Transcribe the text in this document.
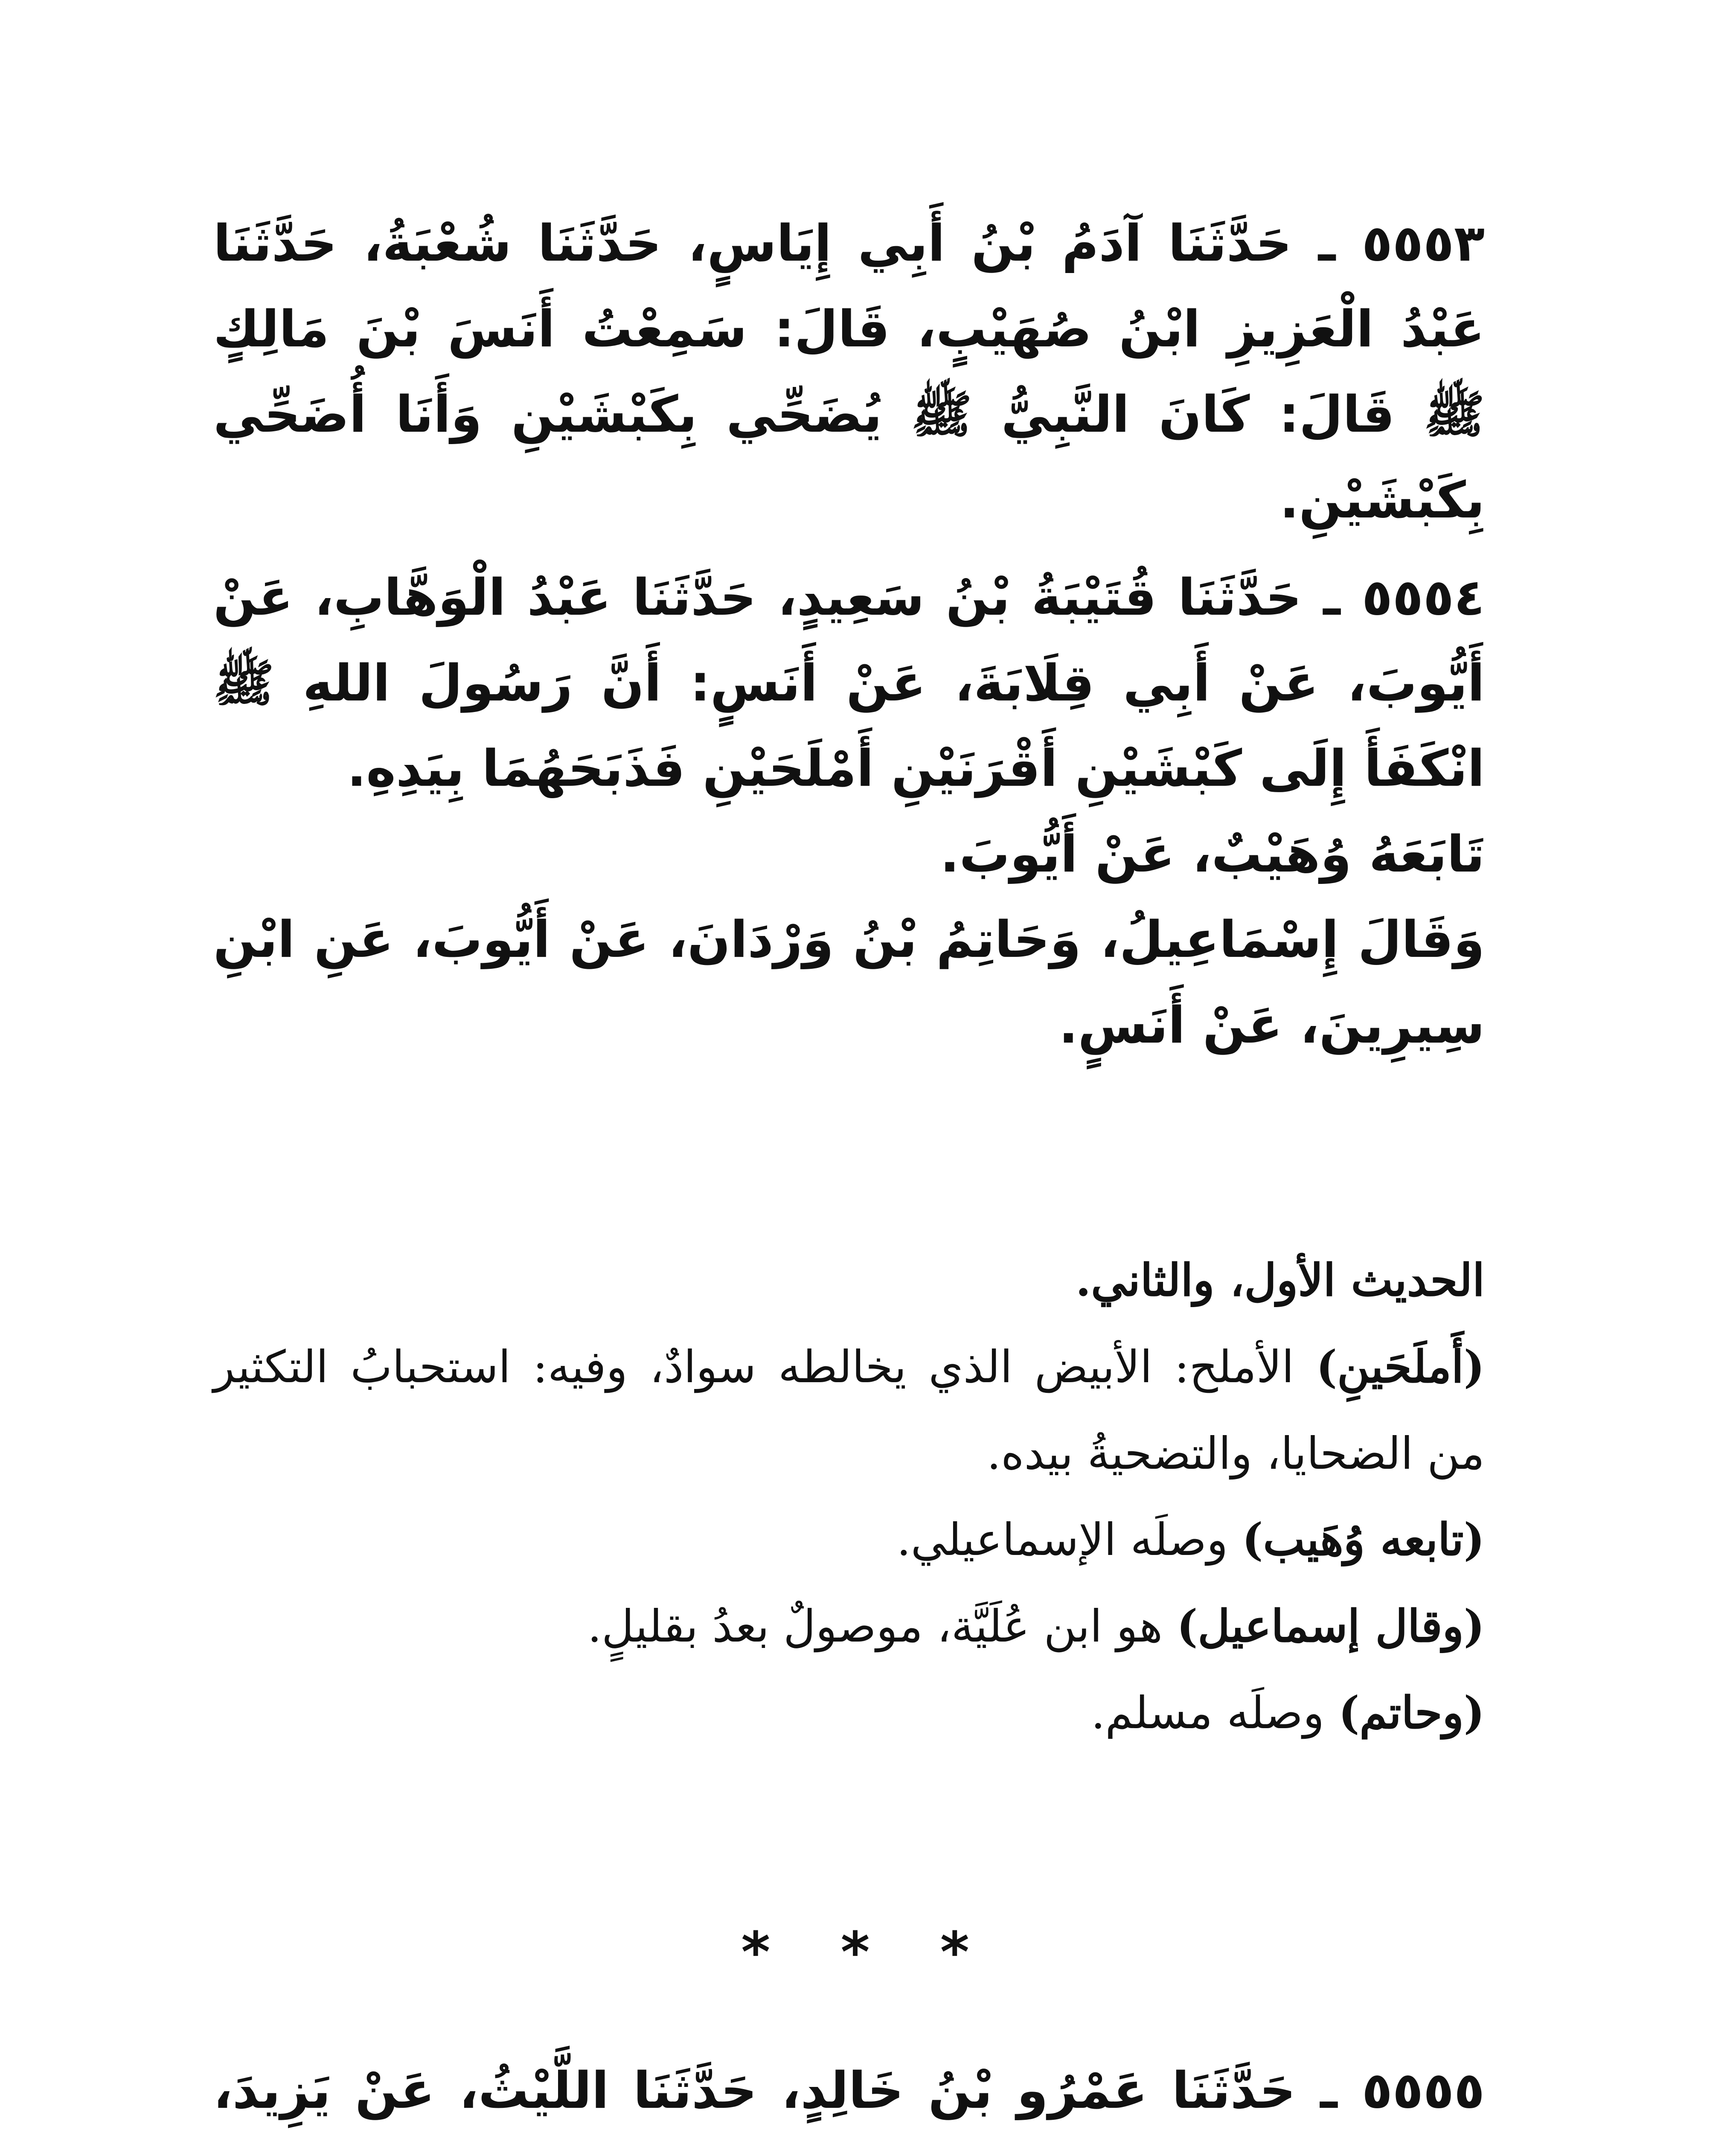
٥٥٥٣ ـ حَدَّثَنَا آدَمُ بْنُ أَبِي إِيَاسٍ، حَدَّثَنَا شُعْبَةُ، حَدَّثَنَا عَبْدُ الْعَزِيزِ ابْنُ صُهَيْبٍ، قَالَ: سَمِعْتُ أَنَسَ بْنَ مَالِكٍ ﷺ قَالَ: كَانَ النَّبِيُّ ﷺ يُضَحِّي بِكَبْشَيْنِ وَأَنَا أُضَحِّي بِكَبْشَيْنِ.

٥٥٥٤ ـ حَدَّثَنَا قُتَيْبَةُ بْنُ سَعِيدٍ، حَدَّثَنَا عَبْدُ الْوَهَّابِ، عَنْ أَيُّوبَ، عَنْ أَبِي قِلَابَةَ، عَنْ أَنَسٍ: أَنَّ رَسُولَ اللهِ ﷺ انْكَفَأَ إِلَى كَبْشَيْنِ أَقْرَنَيْنِ أَمْلَحَيْنِ فَذَبَحَهُمَا بِيَدِهِ.

تَابَعَهُ وُهَيْبٌ، عَنْ أَيُّوبَ.

وَقَالَ إِسْمَاعِيلُ، وَحَاتِمُ بْنُ وَرْدَانَ، عَنْ أَيُّوبَ، عَنِ ابْنِ سِيرِينَ، عَنْ أَنَسٍ.

الحديث الأول، والثاني.

(أَملَحَينِ) الأملح: الأبيض الذي يخالطه سوادٌ، وفيه: استحبابُ التكثير من الضحايا، والتضحيةُ بيده.

(تابعه وُهَيب) وصلَه الإسماعيلي.

(وقال إسماعيل) هو ابن عُلَيَّة، موصولٌ بعدُ بقليلٍ.

(وحاتم) وصلَه مسلم.

* * *

٥٥٥٥ ـ حَدَّثَنَا عَمْرُو بْنُ خَالِدٍ، حَدَّثَنَا اللَّيْثُ، عَنْ يَزِيدَ،
